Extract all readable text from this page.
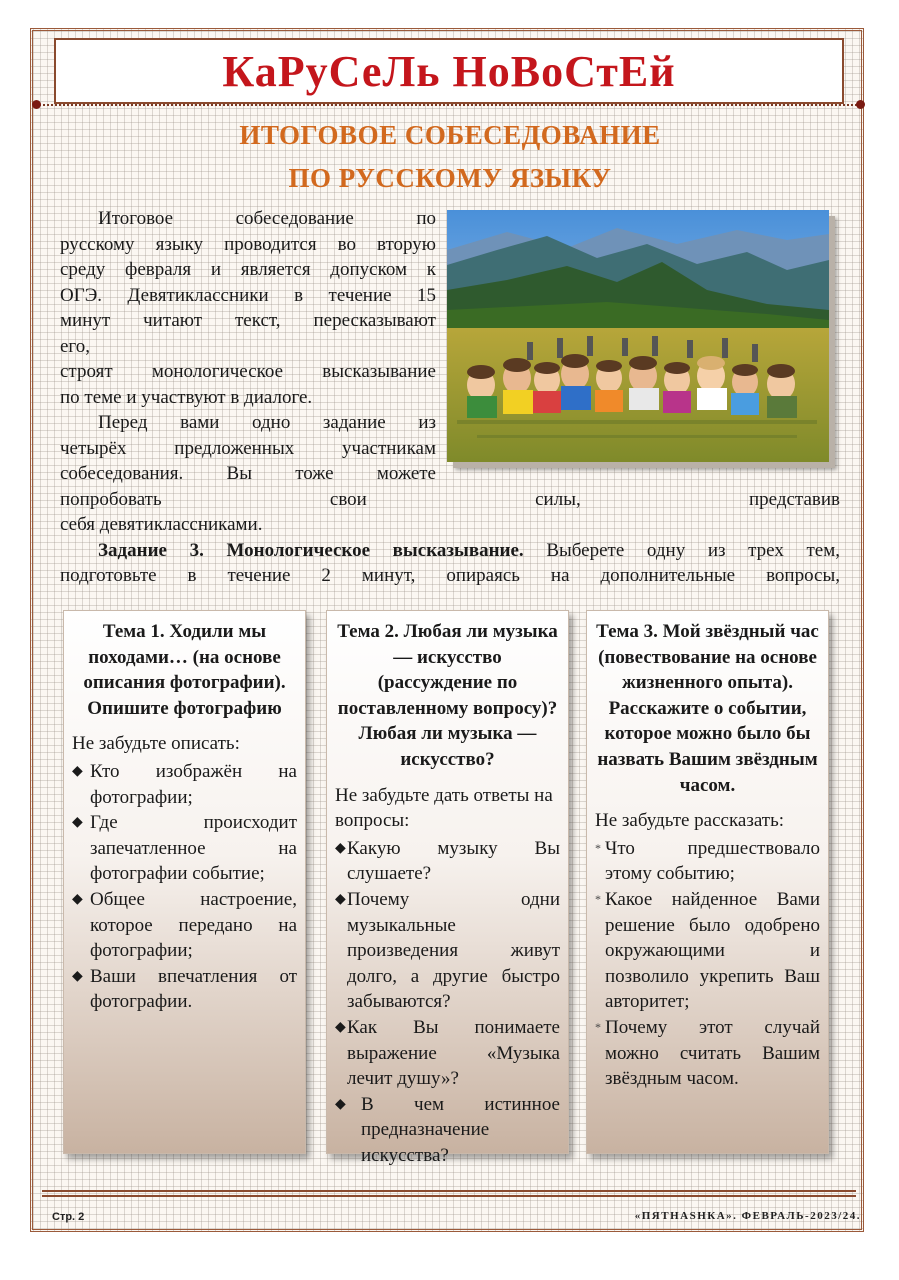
КаРуСеЛь НоВоСтЕй
ИТОГОВОЕ СОБЕСЕДОВАНИЕ
ПО РУССКОМУ ЯЗЫКУ

Итоговое собеседование по

русскому языку проводится во вторую

среду февраля и является допуском к

ОГЭ. Девятиклассники в течение 15

минут читают текст, пересказывают

его,

строят монологическое высказывание

по теме и участвуют в диалоге.

Перед вами одно задание из

четырёх предложенных участникам

собеседования. Вы тоже можете

попробовать свои силы, представив

себя девятиклассниками.

Задание 3. Монологическое высказывание. Выберете одну из трех тем,

подготовьте в течение 2 минут, опираясь на дополнительные вопросы,

Тема 1. Ходили мы походами… (на основе описания фотографии). Опишите фотографию

Не забудьте описать:

◆ Кто изображён на фотографии;
◆ Где происходит запечатленное на фотографии событие;
◆ Общее настроение, которое передано на фотографии;
◆ Ваши впечатления от фотографии.
Тема 2. Любая ли музыка — искусство (рассуждение по поставленному вопросу)? Любая ли музыка — искусство?

Не забудьте дать ответы на вопросы:

◆ Какую музыку Вы слушаете?
◆ Почему одни музыкальные произведения живут долго, а другие быстро забываются?
◆ Как Вы понимаете выражение «Музыка лечит душу»?
◆ В чем истинное предназначение искусства?
Тема 3. Мой звёздный час (повествование на основе жизненного опыта). Расскажите о событии, которое можно было бы назвать Вашим звёздным часом.

Не забудьте рассказать:

* Что предшествовало этому событию;
* Какое найденное Вами решение было одобрено окружающими и позволило укрепить Ваш авторитет;
* Почему этот случай можно считать Вашим звёздным часом.
Стр. 2	«ПЯТНАSHКА». ФЕВРАЛЬ-2023/24.
